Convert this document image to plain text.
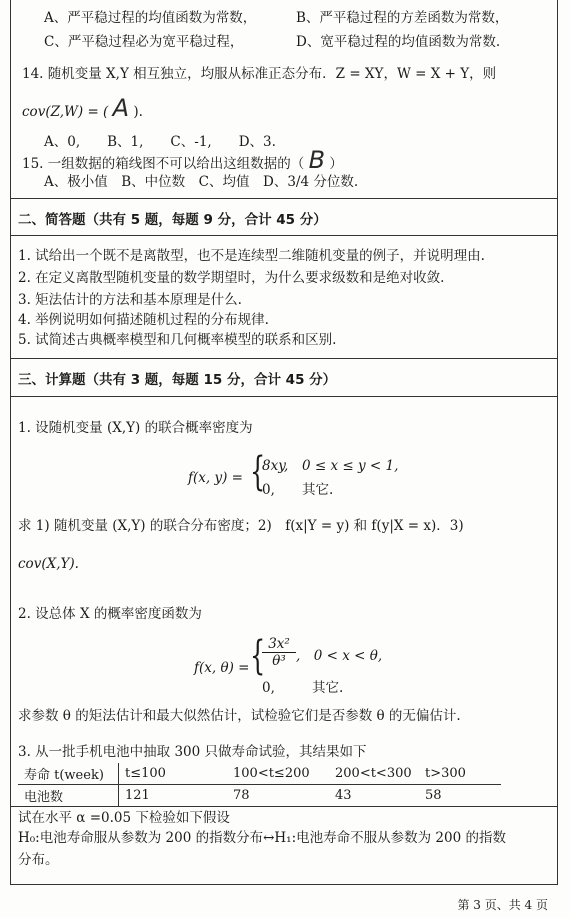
A、严平稳过程的均值函数为常数，	B、严平稳过程的方差函数为常数，
C、严平稳过程必为宽平稳过程，	D、宽平稳过程的均值函数为常数.
14. 随机变量 X,Y 相互独立，均服从标准正态分布．Z = XY，W = X + Y，则
cov(Z,W) = ( A ).
A、0,　　B、1,　　C、-1,　　D、3.
15. 一组数据的箱线图不可以给出这组数据的（ B ）
A、极小值　B、中位数　C、均值　D、3/4 分位数.
二、简答题（共有 5 题，每题 9 分，合计 45 分）
1. 试给出一个既不是离散型，也不是连续型二维随机变量的例子，并说明理由.
2. 在定义离散型随机变量的数学期望时，为什么要求级数和是绝对收敛.
3. 矩法估计的方法和基本原理是什么.
4. 举例说明如何描述随机过程的分布规律.
5. 试简述古典概率模型和几何概率模型的联系和区别.
三、计算题（共有 3 题，每题 15 分，合计 45 分）
1. 设随机变量 (X,Y) 的联合概率密度为
f(x, y) = {
8xy, 0 ≤ x ≤ y < 1,
0, 其它.
求 1) 随机变量 (X,Y) 的联合分布密度；2)　f(x|Y = y) 和 f(y|X = x)．3)
cov(X,Y).
2. 设总体 X 的概率密度函数为
f(x, θ) = {
$\frac{\text{3x²}}{\text{θ³}}$ ,　0 < x < θ,
0,	其它.
求参数 θ 的矩法估计和最大似然估计，试检验它们是否参数 θ 的无偏估计.
3. 从一批手机电池中抽取 300 只做寿命试验，其结果如下
寿命 t(week)	t≤100	100<t≤200	200<t<300	t>300
电池数	121	78	43	58
试在水平 α =0.05 下检验如下假设
H₀:电池寿命服从参数为 200 的指数分布↔H₁:电池寿命不服从参数为 200 的指数
分布。
第 3 页、共 4 页
